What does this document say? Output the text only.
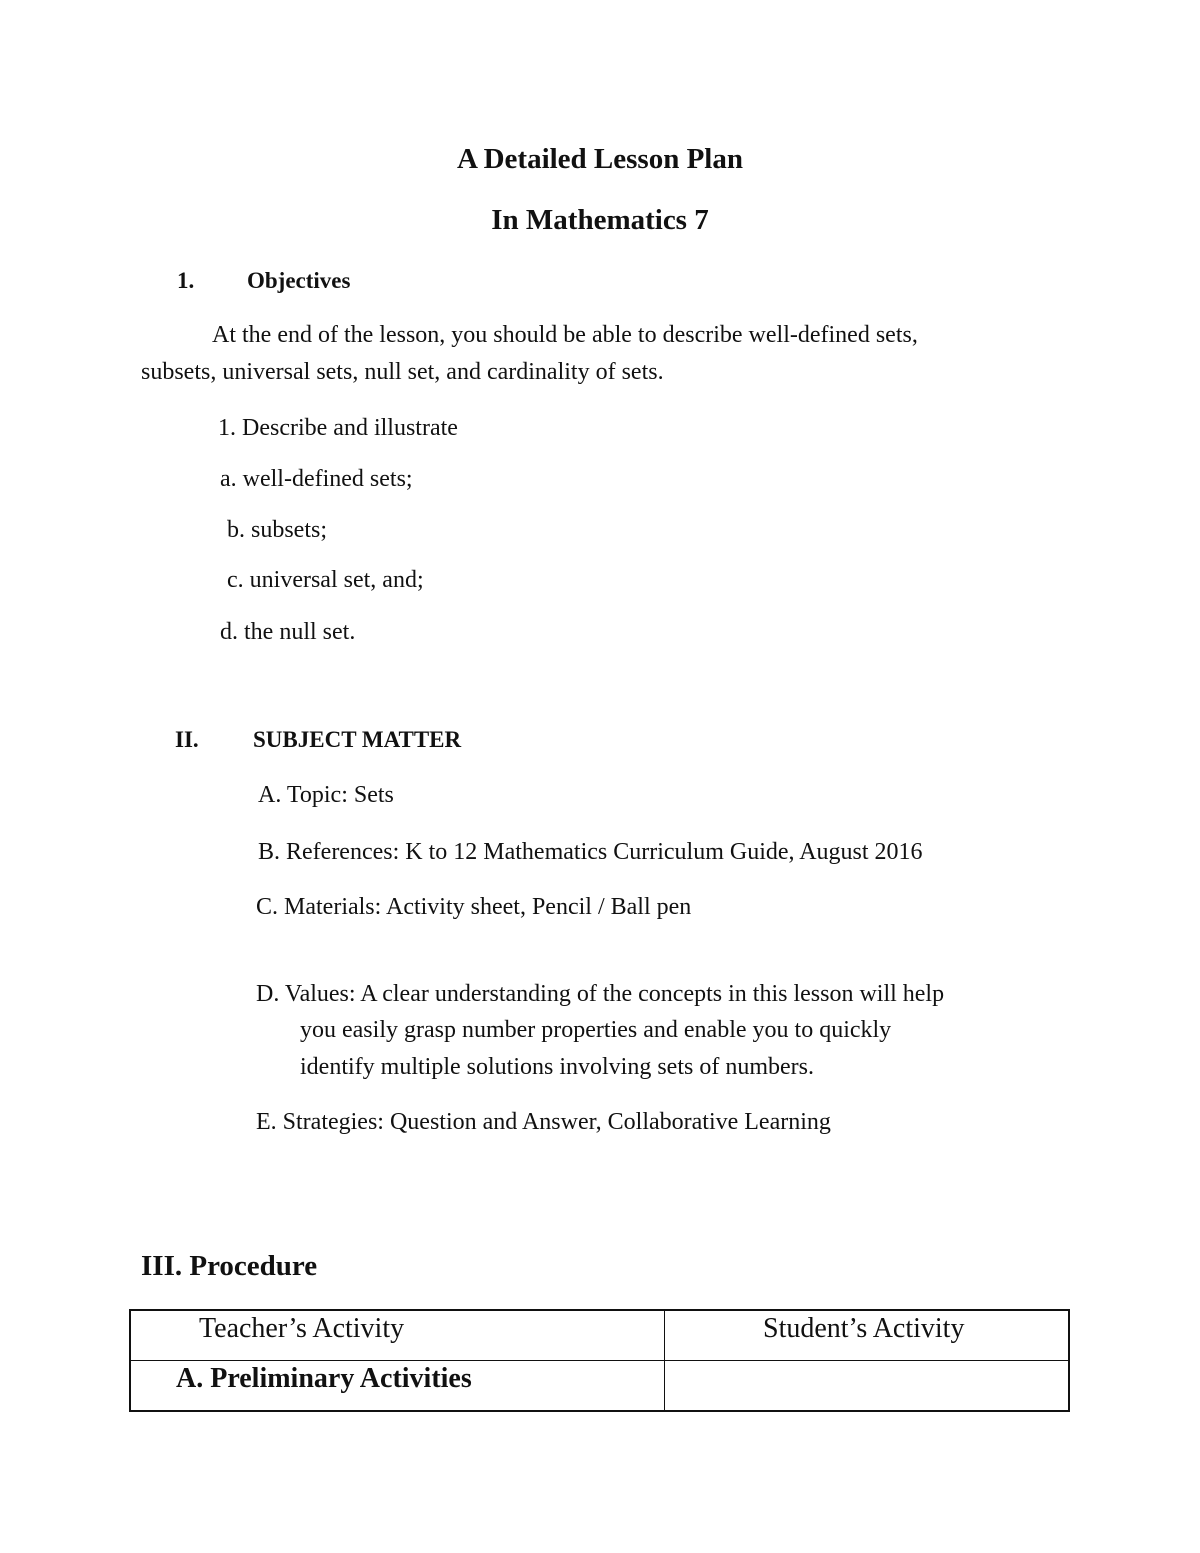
A Detailed Lesson Plan
In Mathematics 7
1. Objectives
At the end of the lesson, you should be able to describe well-defined sets,
subsets, universal sets, null set, and cardinality of sets.
1. Describe and illustrate
a. well-defined sets;
b. subsets;
c. universal set, and;
d. the null set.
II. SUBJECT MATTER
A. Topic: Sets
B. References: K to 12 Mathematics Curriculum Guide, August 2016
C. Materials: Activity sheet, Pencil / Ball pen
D. Values: A clear understanding of the concepts in this lesson will help
you easily grasp number properties and enable you to quickly
identify multiple solutions involving sets of numbers.
E. Strategies: Question and Answer, Collaborative Learning
III. Procedure
Teacher’s Activity	Student’s Activity
A. Preliminary Activities	
